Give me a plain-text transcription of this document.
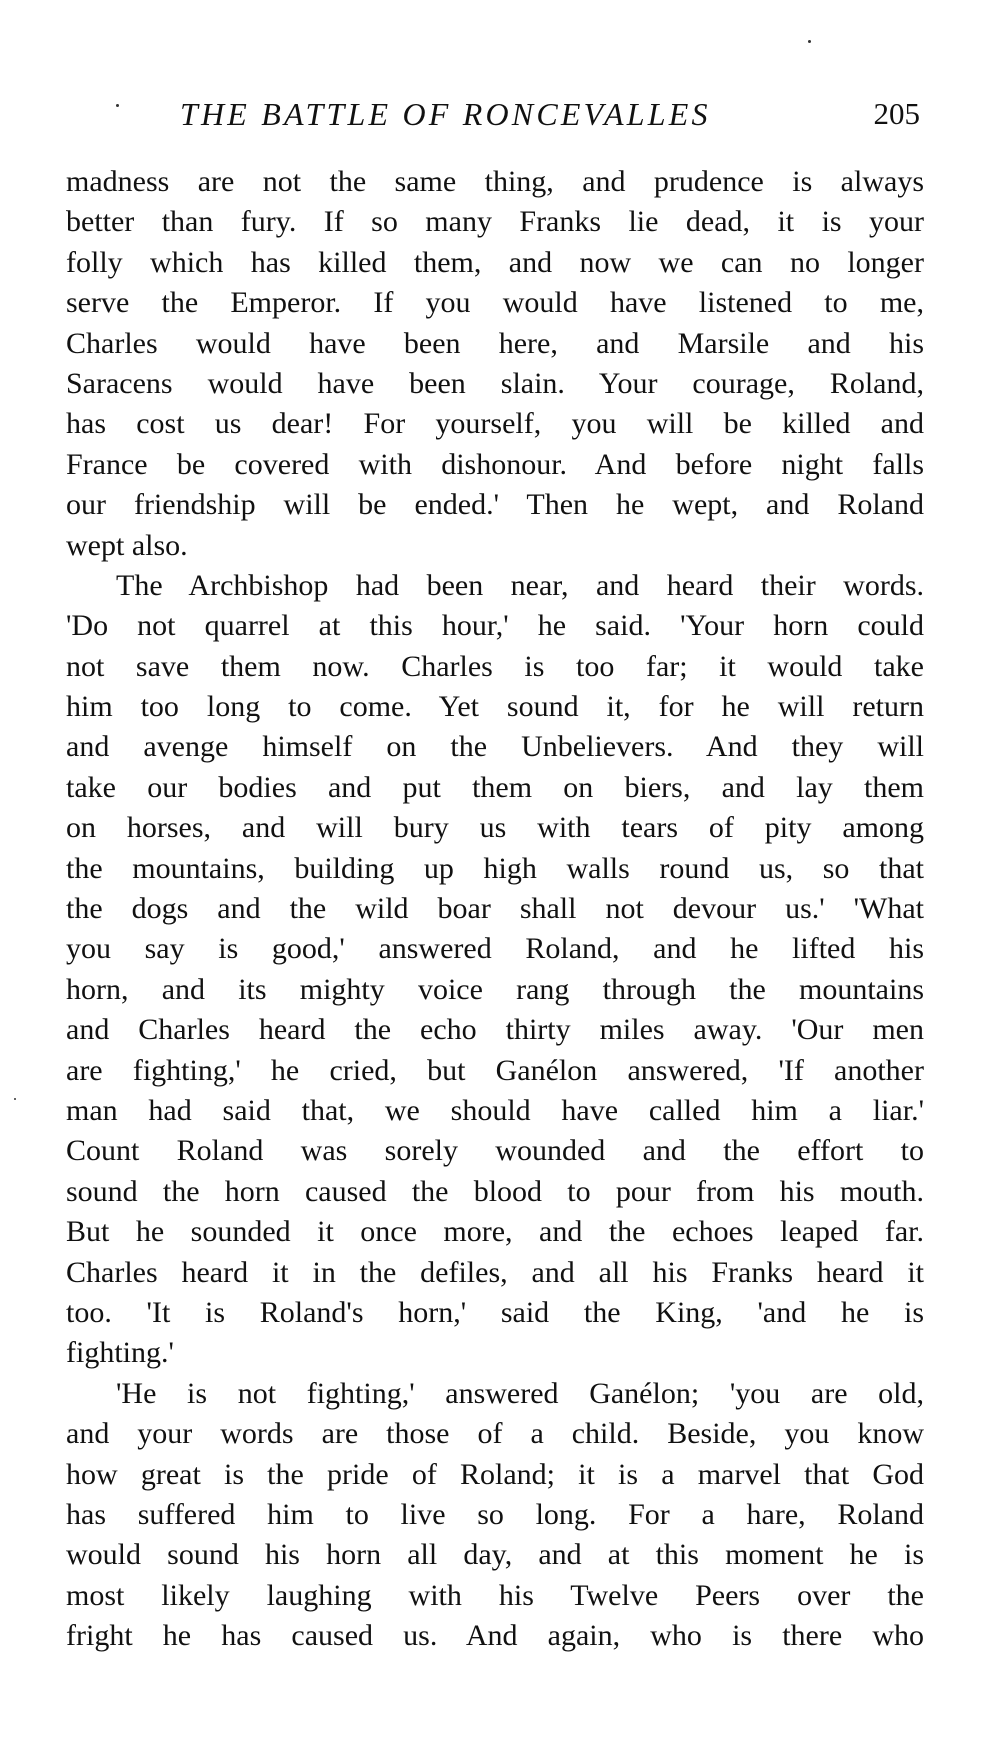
THE BATTLE OF RONCEVALLES	205
madness are not the same thing, and prudence is always
better than fury. If so many Franks lie dead, it is your
folly which has killed them, and now we can no longer
serve the Emperor. If you would have listened to me,
Charles would have been here, and Marsile and his
Saracens would have been slain. Your courage, Roland,
has cost us dear! For yourself, you will be killed and
France be covered with dishonour. And before night falls
our friendship will be ended.' Then he wept, and Roland
wept also.
The Archbishop had been near, and heard their words.
'Do not quarrel at this hour,' he said. 'Your horn could
not save them now. Charles is too far; it would take
him too long to come. Yet sound it, for he will return
and avenge himself on the Unbelievers. And they will
take our bodies and put them on biers, and lay them
on horses, and will bury us with tears of pity among
the mountains, building up high walls round us, so that
the dogs and the wild boar shall not devour us.' 'What
you say is good,' answered Roland, and he lifted his
horn, and its mighty voice rang through the mountains
and Charles heard the echo thirty miles away. 'Our men
are fighting,' he cried, but Ganélon answered, 'If another
man had said that, we should have called him a liar.'
Count Roland was sorely wounded and the effort to
sound the horn caused the blood to pour from his mouth.
But he sounded it once more, and the echoes leaped far.
Charles heard it in the defiles, and all his Franks heard it
too. 'It is Roland's horn,' said the King, 'and he is
fighting.'
'He is not fighting,' answered Ganélon; 'you are old,
and your words are those of a child. Beside, you know
how great is the pride of Roland; it is a marvel that God
has suffered him to live so long. For a hare, Roland
would sound his horn all day, and at this moment he is
most likely laughing with his Twelve Peers over the
fright he has caused us. And again, who is there who
